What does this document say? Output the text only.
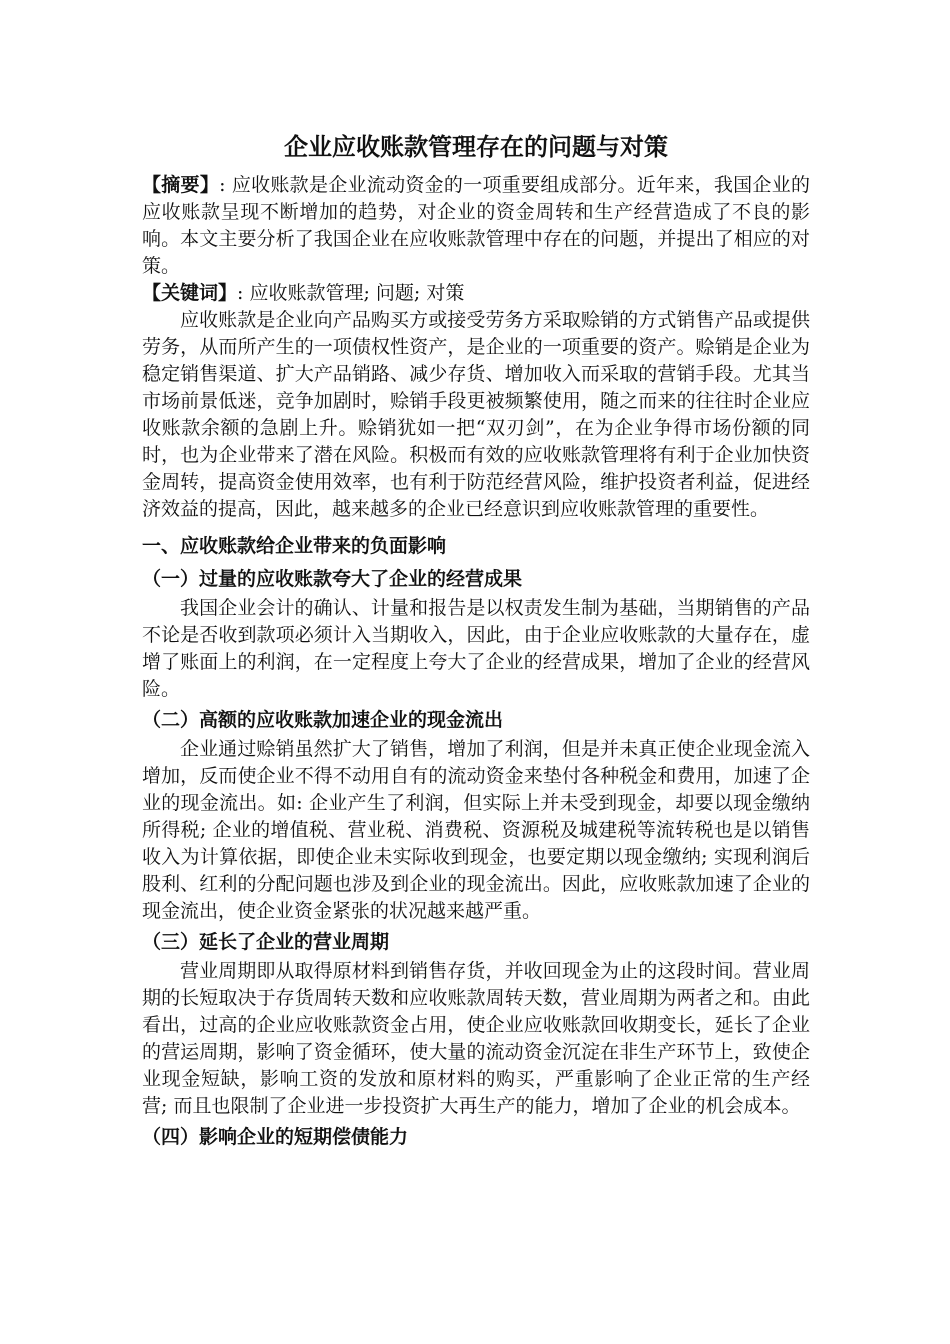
企业应收账款管理存在的问题与对策

【摘要】: 应收账款是企业流动资金的一项重要组成部分。近年来，我国企业的应收账款呈现不断增加的趋势，对企业的资金周转和生产经营造成了不良的影响。本文主要分析了我国企业在应收账款管理中存在的问题，并提出了相应的对策。

【关键词】: 应收账款管理; 问题; 对策

应收账款是企业向产品购买方或接受劳务方采取赊销的方式销售产品或提供劳务，从而所产生的一项债权性资产，是企业的一项重要的资产。赊销是企业为稳定销售渠道、扩大产品销路、减少存货、增加收入而采取的营销手段。尤其当市场前景低迷，竞争加剧时，赊销手段更被频繁使用，随之而来的往往时企业应收账款余额的急剧上升。赊销犹如一把“双刃剑”，在为企业争得市场份额的同时，也为企业带来了潜在风险。积极而有效的应收账款管理将有利于企业加快资金周转，提高资金使用效率，也有利于防范经营风险，维护投资者利益，促进经济效益的提高，因此，越来越多的企业已经意识到应收账款管理的重要性。

一、应收账款给企业带来的负面影响
（一）过量的应收账款夸大了企业的经营成果

我国企业会计的确认、计量和报告是以权责发生制为基础，当期销售的产品不论是否收到款项必须计入当期收入，因此，由于企业应收账款的大量存在，虚增了账面上的利润，在一定程度上夸大了企业的经营成果，增加了企业的经营风险。

（二）高额的应收账款加速企业的现金流出

企业通过赊销虽然扩大了销售，增加了利润，但是并未真正使企业现金流入增加，反而使企业不得不动用自有的流动资金来垫付各种税金和费用，加速了企业的现金流出。如: 企业产生了利润，但实际上并未受到现金，却要以现金缴纳所得税; 企业的增值税、营业税、消费税、资源税及城建税等流转税也是以销售收入为计算依据，即使企业未实际收到现金，也要定期以现金缴纳; 实现利润后股利、红利的分配问题也涉及到企业的现金流出。因此，应收账款加速了企业的现金流出，使企业资金紧张的状况越来越严重。

（三）延长了企业的营业周期

营业周期即从取得原材料到销售存货，并收回现金为止的这段时间。营业周期的长短取决于存货周转天数和应收账款周转天数，营业周期为两者之和。由此看出，过高的企业应收账款资金占用，使企业应收账款回收期变长，延长了企业的营运周期，影响了资金循环，使大量的流动资金沉淀在非生产环节上，致使企业现金短缺，影响工资的发放和原材料的购买，严重影响了企业正常的生产经营; 而且也限制了企业进一步投资扩大再生产的能力，增加了企业的机会成本。

（四）影响企业的短期偿债能力
